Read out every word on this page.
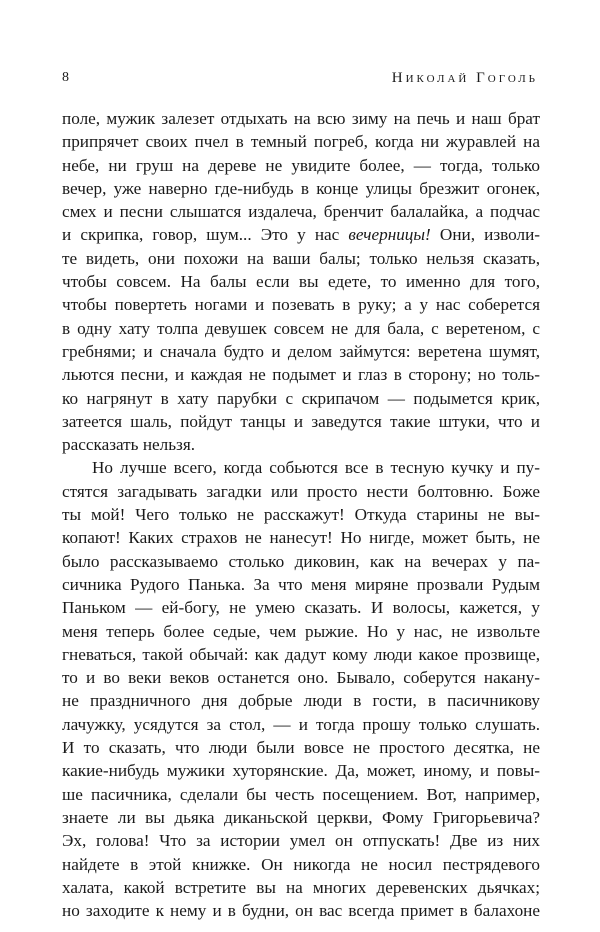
8	Николай Гоголь
поле, мужик залезет отдыхать на всю зиму на печь и наш брат
припрячет своих пчел в темный погреб, когда ни журавлей на
небе, ни груш на дереве не увидите более, — тогда, только
вечер, уже наверно где-нибудь в конце улицы брезжит огонек,
смех и песни слышатся издалеча, бренчит балалайка, а подчас
и скрипка, говор, шум... Это у нас вечерницы! Они, изволи-
те видеть, они похожи на ваши балы; только нельзя сказать,
чтобы совсем. На балы если вы едете, то именно для того,
чтобы повертеть ногами и позевать в руку; а у нас соберется
в одну хату толпа девушек совсем не для бала, с веретеном, с
гребнями; и сначала будто и делом займутся: веретена шумят,
льются песни, и каждая не подымет и глаз в сторону; но толь-
ко нагрянут в хату парубки с скрипачом — подымется крик,
затеется шаль, пойдут танцы и заведутся такие штуки, что и
рассказать нельзя.
Но лучше всего, когда собьются все в тесную кучку и пу-
стятся загадывать загадки или просто нести болтовню. Боже
ты мой! Чего только не расскажут! Откуда старины не вы-
копают! Каких страхов не нанесут! Но нигде, может быть, не
было рассказываемо столько диковин, как на вечерах у па-
сичника Рудого Панька. За что меня миряне прозвали Рудым
Паньком — ей-богу, не умею сказать. И волосы, кажется, у
меня теперь более седые, чем рыжие. Но у нас, не извольте
гневаться, такой обычай: как дадут кому люди какое прозвище,
то и во веки веков останется оно. Бывало, соберутся накану-
не праздничного дня добрые люди в гости, в пасичникову
лачужку, усядутся за стол, — и тогда прошу только слушать.
И то сказать, что люди были вовсе не простого десятка, не
какие-нибудь мужики хуторянские. Да, может, иному, и повы-
ше пасичника, сделали бы честь посещением. Вот, например,
знаете ли вы дьяка диканьской церкви, Фому Григорьевича?
Эх, голова! Что за истории умел он отпускать! Две из них
найдете в этой книжке. Он никогда не носил пестрядевого
халата, какой встретите вы на многих деревенских дьячках;
но заходите к нему и в будни, он вас всегда примет в балахоне
